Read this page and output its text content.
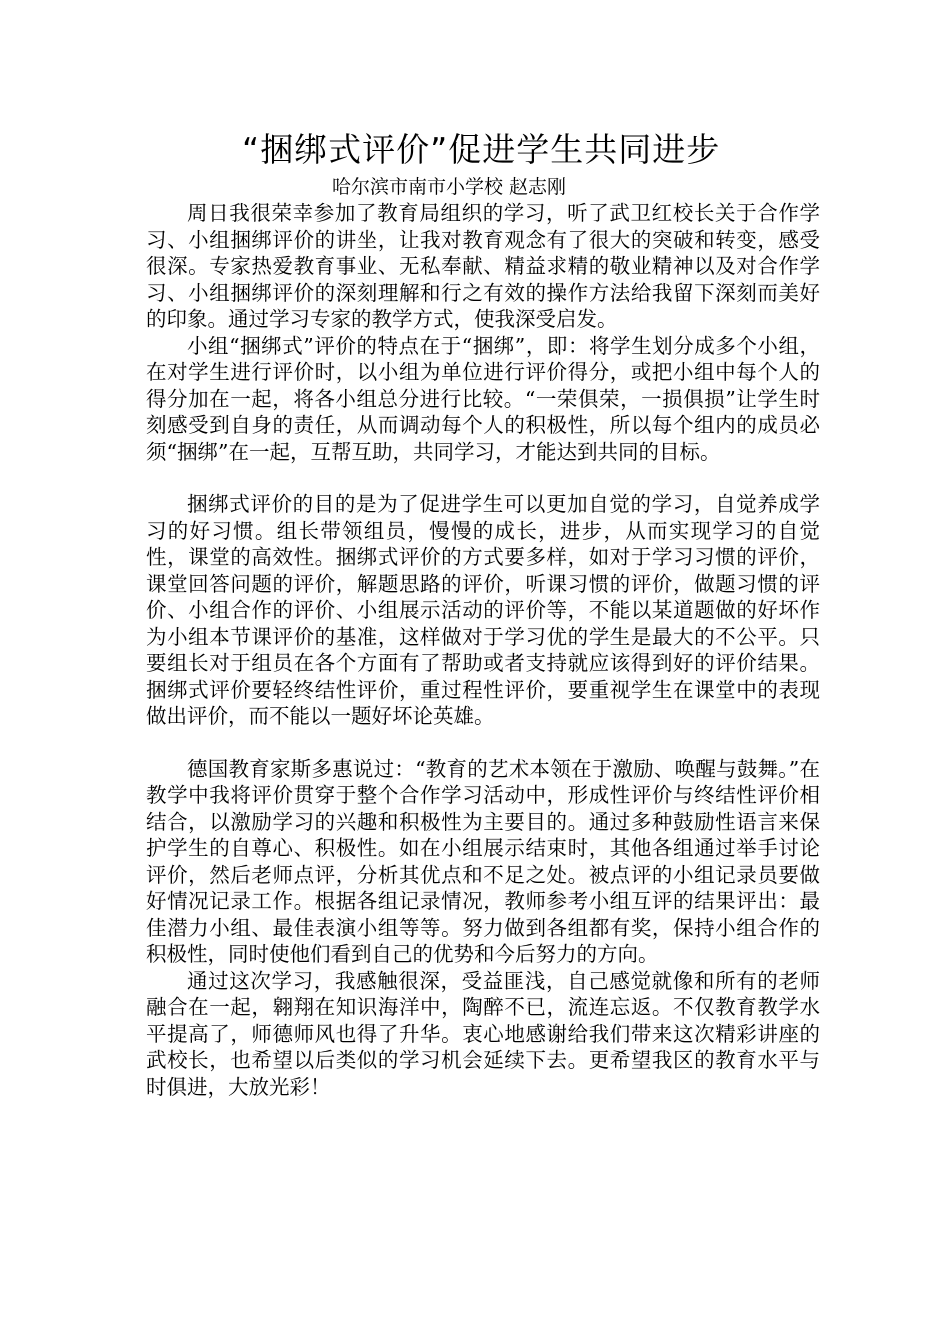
“捆绑式评价”促进学生共同进步
哈尔滨市南市小学校 赵志刚

周日我很荣幸参加了教育局组织的学习，听了武卫红校长关于合作学习、小组捆绑评价的讲坐，让我对教育观念有了很大的突破和转变，感受很深。专家热爱教育事业、无私奉献、精益求精的敬业精神以及对合作学习、小组捆绑评价的深刻理解和行之有效的操作方法给我留下深刻而美好的印象。通过学习专家的教学方式，使我深受启发。

小组“捆绑式”评价的特点在于“捆绑”，即：将学生划分成多个小组，在对学生进行评价时，以小组为单位进行评价得分，或把小组中每个人的得分加在一起，将各小组总分进行比较。“一荣俱荣，一损俱损”让学生时刻感受到自身的责任，从而调动每个人的积极性，所以每个组内的成员必须“捆绑”在一起，互帮互助，共同学习，才能达到共同的目标。

捆绑式评价的目的是为了促进学生可以更加自觉的学习，自觉养成学习的好习惯。组长带领组员，慢慢的成长，进步，从而实现学习的自觉性，课堂的高效性。捆绑式评价的方式要多样，如对于学习习惯的评价，课堂回答问题的评价，解题思路的评价，听课习惯的评价，做题习惯的评价、小组合作的评价、小组展示活动的评价等，不能以某道题做的好坏作为小组本节课评价的基准，这样做对于学习优的学生是最大的不公平。只要组长对于组员在各个方面有了帮助或者支持就应该得到好的评价结果。捆绑式评价要轻终结性评价，重过程性评价，要重视学生在课堂中的表现做出评价，而不能以一题好坏论英雄。

德国教育家斯多惠说过：“教育的艺术本领在于激励、唤醒与鼓舞。”在教学中我将评价贯穿于整个合作学习活动中，形成性评价与终结性评价相结合，以激励学习的兴趣和积极性为主要目的。通过多种鼓励性语言来保护学生的自尊心、积极性。如在小组展示结束时，其他各组通过举手讨论评价，然后老师点评，分析其优点和不足之处。被点评的小组记录员要做好情况记录工作。根据各组记录情况，教师参考小组互评的结果评出：最佳潜力小组、最佳表演小组等等。努力做到各组都有奖，保持小组合作的积极性，同时使他们看到自己的优势和今后努力的方向。

通过这次学习，我感触很深，受益匪浅，自己感觉就像和所有的老师融合在一起，翱翔在知识海洋中，陶醉不已，流连忘返。不仅教育教学水平提高了，师德师风也得了升华。衷心地感谢给我们带来这次精彩讲座的武校长，也希望以后类似的学习机会延续下去。更希望我区的教育水平与时俱进，大放光彩！
